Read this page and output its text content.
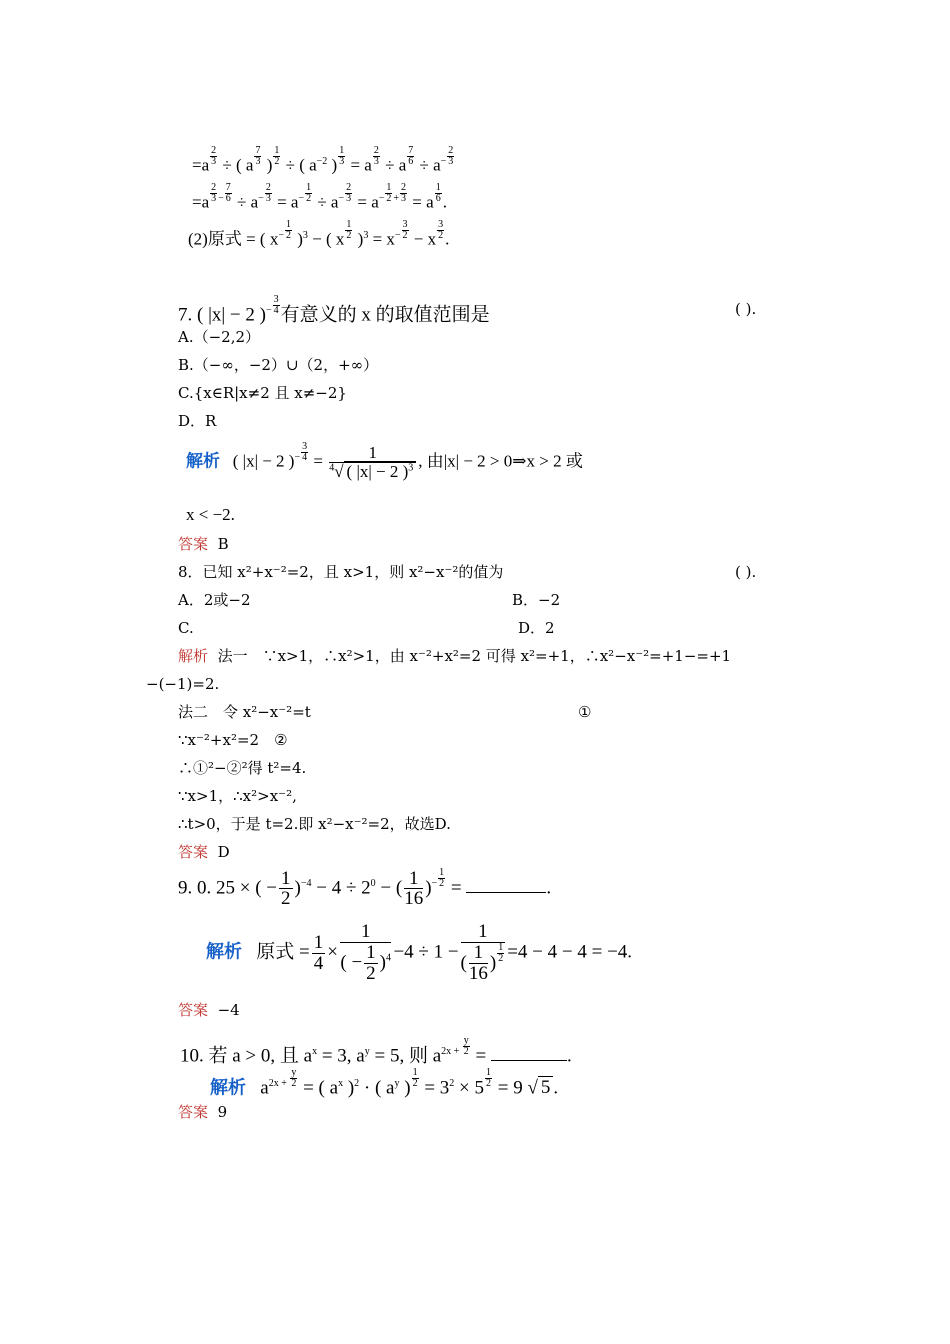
$=a \frac{2}{3}$ ÷ ( a $\frac{7}{3}$ ) $\frac{1}{2}$ ÷ ( $a^{-2}$ ) $\frac{1}{3} = a \frac{2}{3} \div a \frac{7}{6} \div a^- \frac{2}{3}$
$=a \frac{2}{3} ^- \frac{7}{6} \div a^- \frac{2}{3} = a^- \frac{1}{2} \div a^- \frac{2}{3} = a^- \frac{1}{2} ^+ \frac{2}{3} = a \frac{1}{6}$ .
(2)原式 = ( $x^- \frac{1}{2} )^3$ − ( x $\frac{1}{2} )^3 = x^- \frac{3}{2} - x \frac{3}{2}$ .
7. ( |x| − 2 )$^- \frac{3}{4}$ 有意义的 x 的取值范围是	( ).
A.（−2,2）
B.（−∞，−2）∪（2，+∞）
C.{x∈R|x≠2 且 x≠−2}
D．R
解析   ( |x| − 2 )$^- \frac{3}{4} = \frac{1}{^4√ ( |x| - 2 )^3}$ , 由|x| − 2 > 0⇒x > 2 或
x < −2.
答案 B
8．已知 x²+x⁻²=2，且 x>1，则 x²−x⁻²的值为	( ).
A．2或−2	B．−2
C.	D．2
解析 法一　∵x>1，∴x²>1，由 x⁻²+x²=2 可得 x²=+1，∴x²−x⁻²=+1−=+1
−(−1)=2.
法二　令 x²−x⁻²=t	①
∵x⁻²+x²=2　②
∴①²−②²得 t²=4.
∵x>1，∴x²>x⁻²,
∴t>0，于是 t=2.即 x²−x⁻²=2，故选D.
答案 D
9. 0. 25 × ( − $\frac{1}{2} )^{-4} - 4 \div 2^0$ − ( $\frac{1}{16} )^- \frac{1}{2}$ =	.
解析   原式 = $\frac{1}{4} \times \frac{1}{( - \frac{1}{2} )^4} -4 \div 1 - \frac{1}{( \frac{1}{16} ) \frac{1}{2}} =4 - 4 - 4 = -4$.
答案 −4
10. 若 a > 0, 且 $a^x = 3$, $a^y = 5$, 则 $a^{2x +} \frac{y}{2}$ =	.
解析   $a^{2x +} \frac{y}{2}$ = ( $a^x$ )$^2$ · ( $a^y$ ) $\frac{1}{2} = 3^2 \times 5 \frac{1}{2} = 9$ √ 5 .
答案 9
